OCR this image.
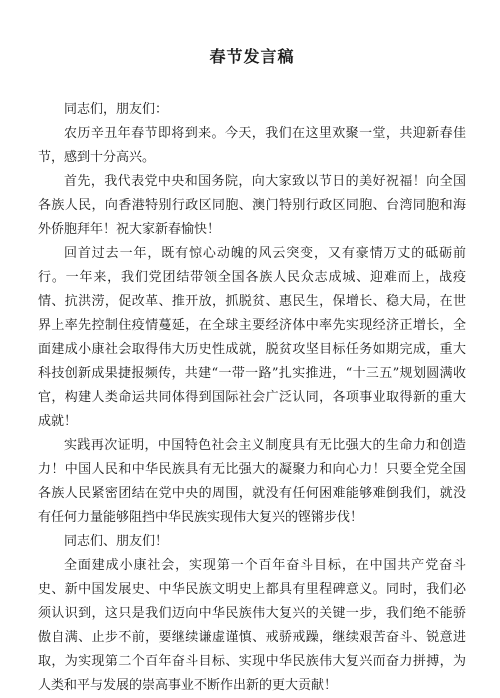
春节发言稿

同志们，朋友们：

农历辛丑年春节即将到来。今天，我们在这里欢聚一堂，共迎新春佳节，感到十分高兴。

首先，我代表党中央和国务院，向大家致以节日的美好祝福！向全国各族人民，向香港特别行政区同胞、澳门特别行政区同胞、台湾同胞和海外侨胞拜年！祝大家新春愉快！

回首过去一年，既有惊心动魄的风云突变，又有豪情万丈的砥砺前行。一年来，我们党团结带领全国各族人民众志成城、迎难而上，战疫情、抗洪涝，促改革、推开放，抓脱贫、惠民生，保增长、稳大局，在世界上率先控制住疫情蔓延，在全球主要经济体中率先实现经济正增长，全面建成小康社会取得伟大历史性成就，脱贫攻坚目标任务如期完成，重大科技创新成果捷报频传，共建“一带一路”扎实推进，“十三五”规划圆满收官，构建人类命运共同体得到国际社会广泛认同，各项事业取得新的重大成就！

实践再次证明，中国特色社会主义制度具有无比强大的生命力和创造力！中国人民和中华民族具有无比强大的凝聚力和向心力！只要全党全国各族人民紧密团结在党中央的周围，就没有任何困难能够难倒我们，就没有任何力量能够阻挡中华民族实现伟大复兴的铿锵步伐！

同志们、朋友们！

全面建成小康社会，实现第一个百年奋斗目标，在中国共产党奋斗史、新中国发展史、中华民族文明史上都具有里程碑意义。同时，我们必须认识到，这只是我们迈向中华民族伟大复兴的关键一步，我们绝不能骄傲自满、止步不前，要继续谦虚谨慎、戒骄戒躁，继续艰苦奋斗、锐意进取，为实现第二个百年奋斗目标、实现中华民族伟大复兴而奋力拼搏，为人类和平与发展的崇高事业不断作出新的更大贡献！
